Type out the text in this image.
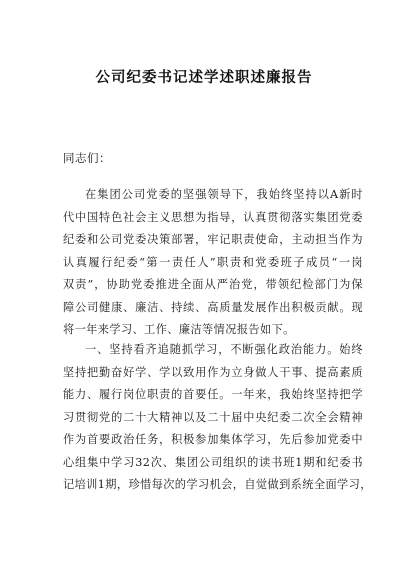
公司纪委书记述学述职述廉报告
同志们：
在集团公司党委的坚强领导下，我始终坚持以A新时
代中国特色社会主义思想为指导，认真贯彻落实集团党委
纪委和公司党委决策部署，牢记职责使命，主动担当作为
认真履行纪委“第一责任人”职责和党委班子成员“一岗
双责”，协助党委推进全面从严治党，带领纪检部门为保
障公司健康、廉洁、持续、高质量发展作出积极贡献。现
将一年来学习、工作、廉洁等情况报告如下。
一、坚持看齐追随抓学习，不断强化政治能力。始终
坚持把勤奋好学、学以致用作为立身做人干事、提高素质
能力、履行岗位职责的首要任。一年来，我始终坚持把学
习贯彻党的二十大精神以及二十届中央纪委二次全会精神
作为首要政治任务，积极参加集体学习，先后参加党委中
心组集中学习32次、集团公司组织的读书班1期和纪委书
记培训1期，珍惜每次的学习机会，自觉做到系统全面学习，
